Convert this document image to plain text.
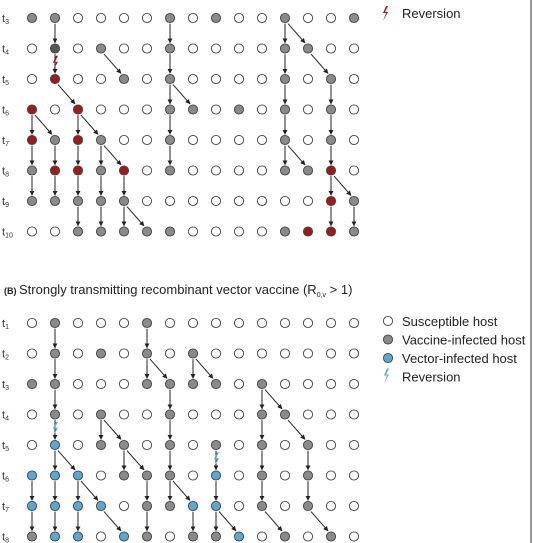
t3
t4
t5
t6
t7
t8
t9
t10
Reversion
(B) Strongly transmitting recombinant vector vaccine $(R_{0,v} > 1)$
t1
t2
t3
t4
t5
t6
t7
t8
Susceptible host
Vaccine-infected host
Vector-infected host
Reversion
